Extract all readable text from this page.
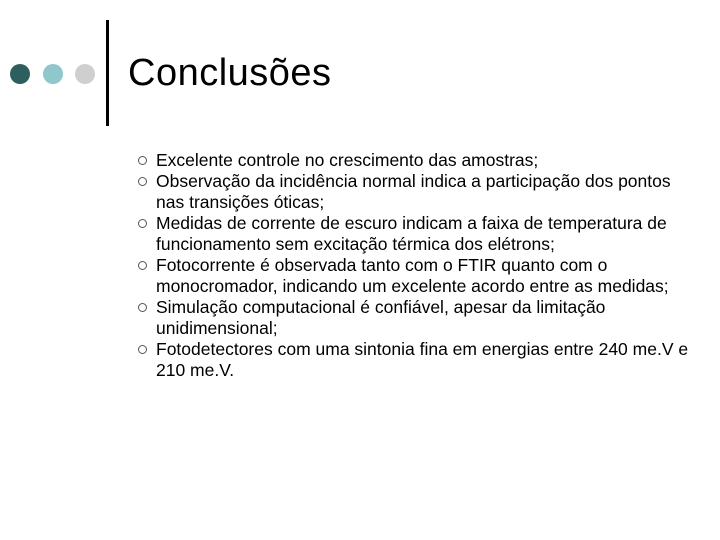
Conclusões
Excelente controle no crescimento das amostras;
Observação da incidência normal indica a participação dos pontos nas transições óticas;
Medidas de corrente de escuro indicam a faixa de temperatura de funcionamento sem excitação térmica dos elétrons;
Fotocorrente é observada tanto com o FTIR quanto com o monocromador, indicando um excelente acordo entre as medidas;
Simulação computacional é confiável, apesar da limitação unidimensional;
Fotodetectores com uma sintonia fina em energias entre 240 me.V e 210 me.V.
